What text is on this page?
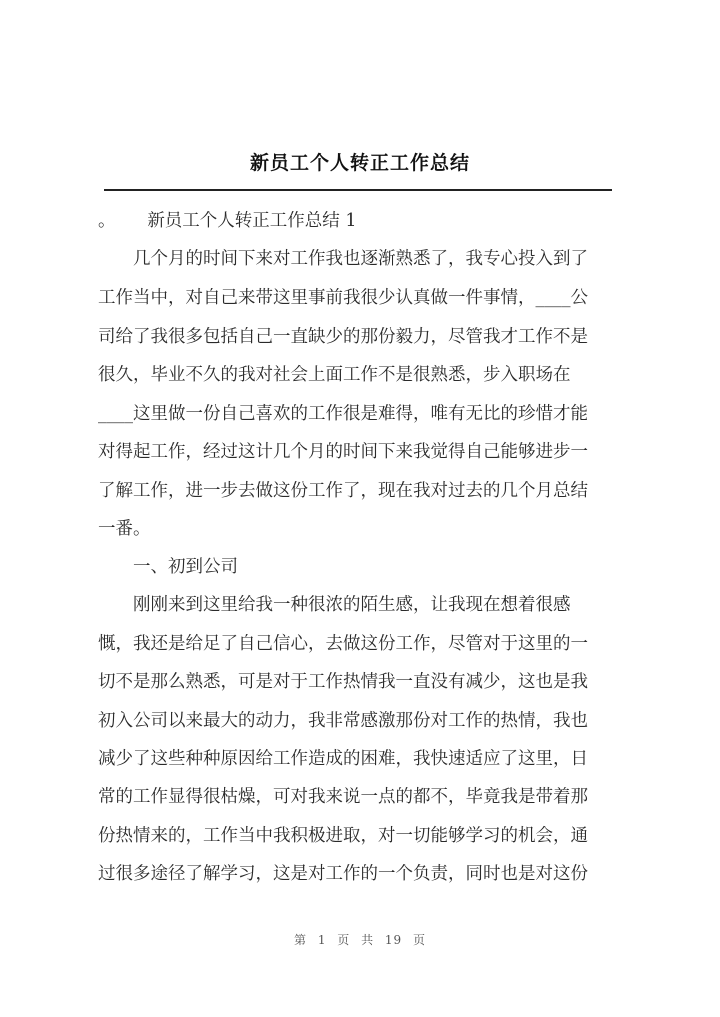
新员工个人转正工作总结
。　　 新员工个人转正工作总结 1
　　几个月的时间下来对工作我也逐渐熟悉了，我专心投入到了
工作当中，对自己来带这里事前我很少认真做一件事情，____公
司给了我很多包括自己一直缺少的那份毅力，尽管我才工作不是
很久，毕业不久的我对社会上面工作不是很熟悉，步入职场在
____这里做一份自己喜欢的工作很是难得，唯有无比的珍惜才能
对得起工作，经过这计几个月的时间下来我觉得自己能够进步一
了解工作，进一步去做这份工作了，现在我对过去的几个月总结
一番。
　　一、初到公司
　　刚刚来到这里给我一种很浓的陌生感，让我现在想着很感
慨，我还是给足了自己信心，去做这份工作，尽管对于这里的一
切不是那么熟悉，可是对于工作热情我一直没有减少，这也是我
初入公司以来最大的动力，我非常感激那份对工作的热情，我也
减少了这些种种原因给工作造成的困难，我快速适应了这里，日
常的工作显得很枯燥，可对我来说一点的都不，毕竟我是带着那
份热情来的，工作当中我积极进取，对一切能够学习的机会，通
过很多途径了解学习，这是对工作的一个负责，同时也是对这份
第 1 页 共 19 页
